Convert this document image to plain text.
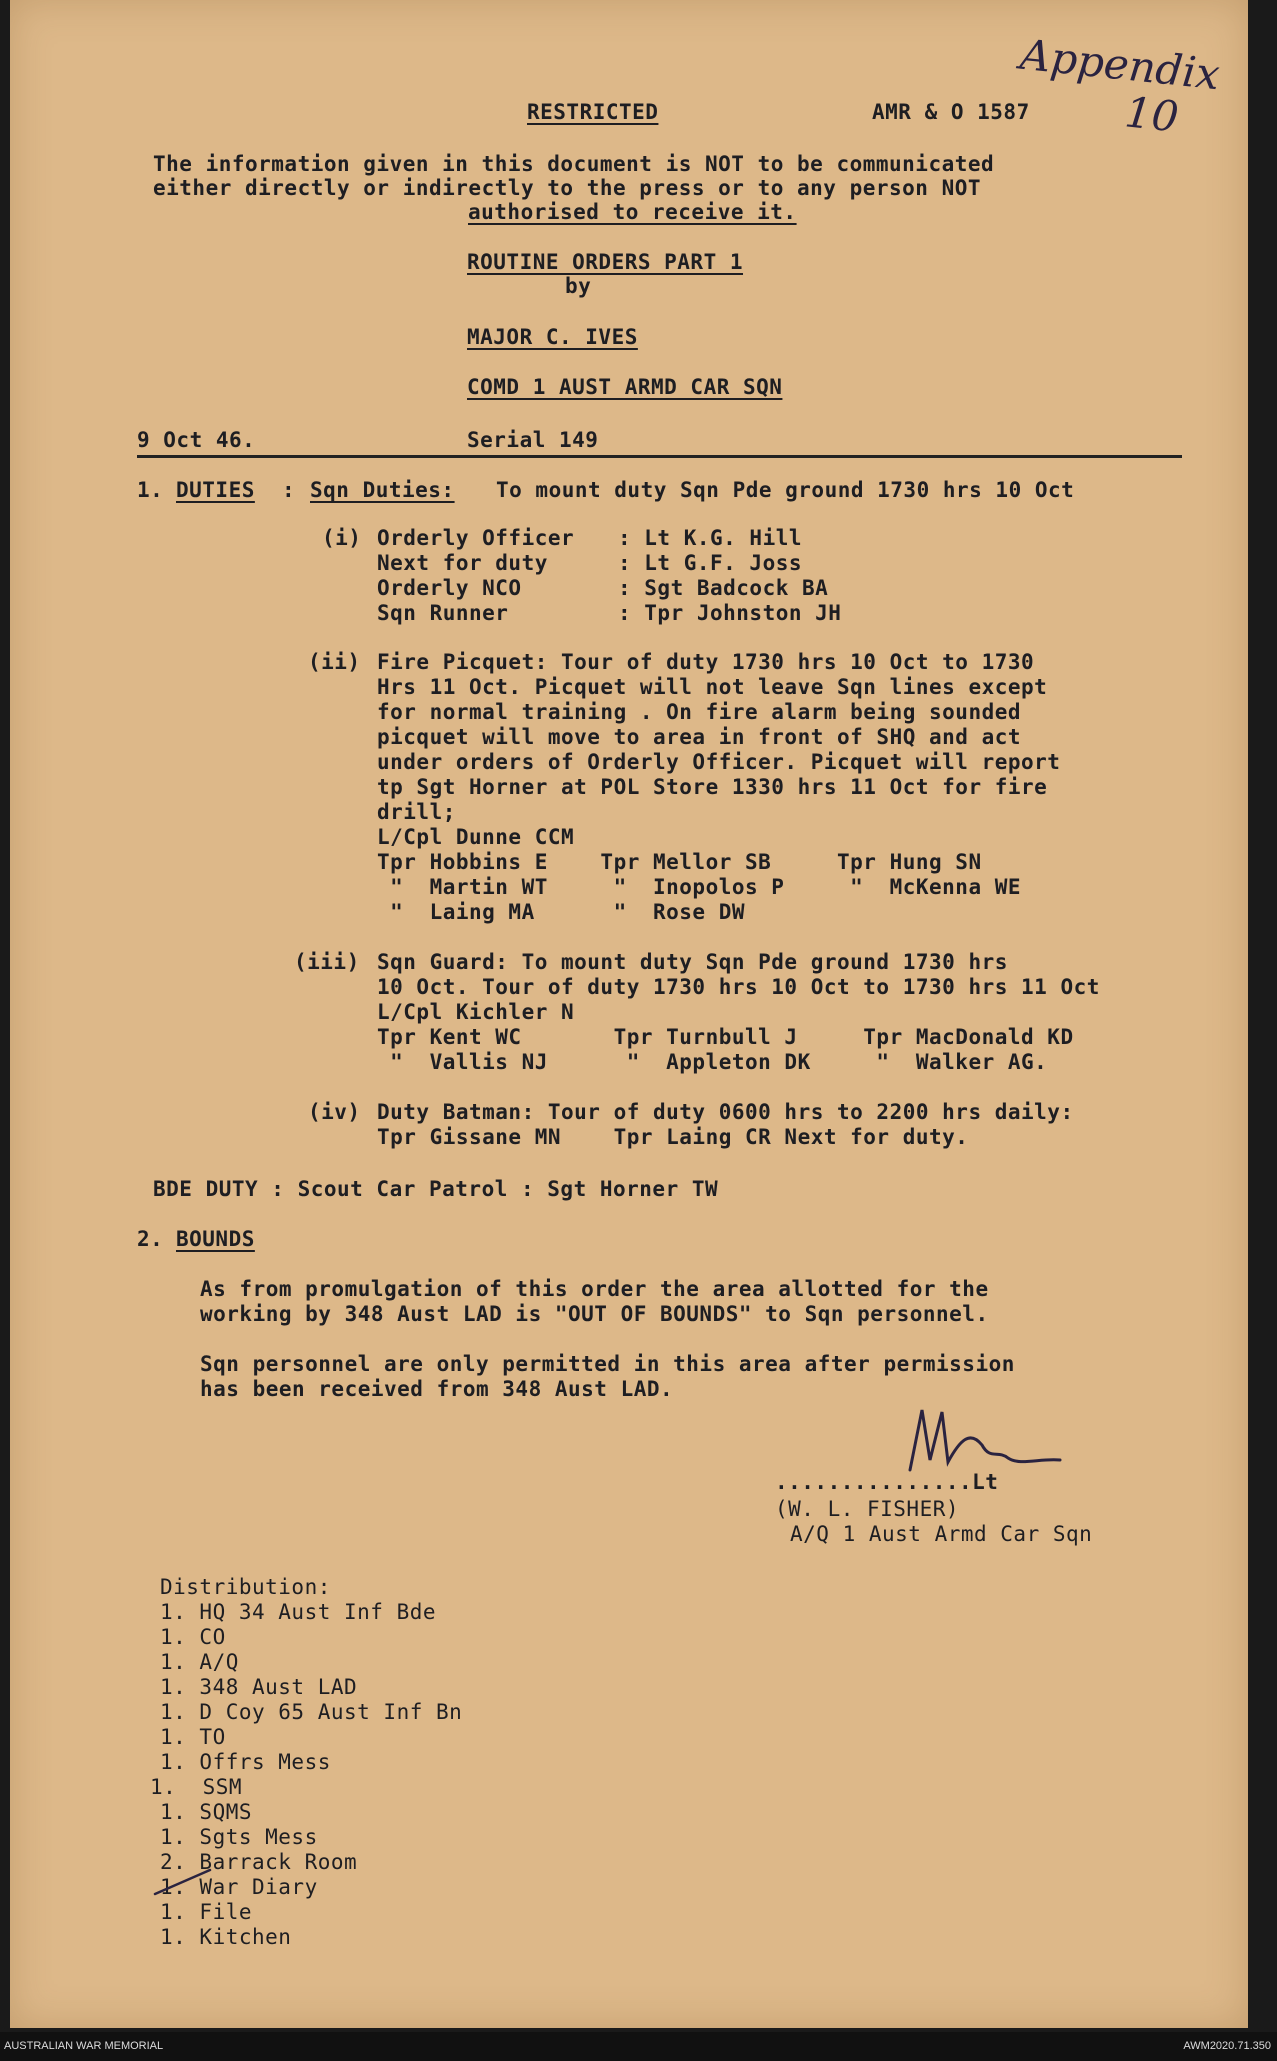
Appendix
10
RESTRICTED	AMR & O 1587
The information given in this document is NOT to be communicated
either directly or indirectly to the press or to any person NOT
authorised to receive it.
ROUTINE ORDERS PART 1
by
MAJOR C. IVES
COMD 1 AUST ARMD CAR SQN
9 Oct 46.	Serial 149
1. DUTIES : Sqn Duties: To mount duty Sqn Pde ground 1730 hrs 10 Oct
(i) Orderly Officer : Lt K.G. Hill
Next for duty	: Lt G.F. Joss
Orderly NCO	: Sgt Badcock BA
Sqn Runner	: Tpr Johnston JH
(ii) Fire Picquet: Tour of duty 1730 hrs 10 Oct to 1730
Hrs 11 Oct. Picquet will not leave Sqn lines except
for normal training . On fire alarm being sounded
picquet will move to area in front of SHQ and act
under orders of Orderly Officer. Picquet will report
tp Sgt Horner at POL Store 1330 hrs 11 Oct for fire
drill;
L/Cpl Dunne CCM
Tpr Hobbins E    Tpr Mellor SB     Tpr Hung SN
"  Martin WT     "  Inopolos P     "  McKenna WE
"  Laing MA      "  Rose DW
(iii) Sqn Guard: To mount duty Sqn Pde ground 1730 hrs
10 Oct. Tour of duty 1730 hrs 10 Oct to 1730 hrs 11 Oct
L/Cpl Kichler N
Tpr Kent WC       Tpr Turnbull J     Tpr MacDonald KD
"  Vallis NJ      "  Appleton DK     "  Walker AG.
(iv) Duty Batman: Tour of duty 0600 hrs to 2200 hrs daily:
Tpr Gissane MN    Tpr Laing CR Next for duty.
BDE DUTY : Scout Car Patrol : Sgt Horner TW
2. BOUNDS
As from promulgation of this order the area allotted for the
working by 348 Aust LAD is "OUT OF BOUNDS" to Sqn personnel.
Sqn personnel are only permitted in this area after permission
has been received from 348 Aust LAD.
...............Lt
(W. L. FISHER)
A/Q 1 Aust Armd Car Sqn
Distribution:
1. HQ 34 Aust Inf Bde
1. CO
1. A/Q
1. 348 Aust LAD
1. D Coy 65 Aust Inf Bn
1. TO
1. Offrs Mess
1.  SSM
1. SQMS
1. Sgts Mess
2. Barrack Room
1. War Diary
1. File
1. Kitchen
AUSTRALIAN WAR MEMORIAL	AWM2020.71.350
